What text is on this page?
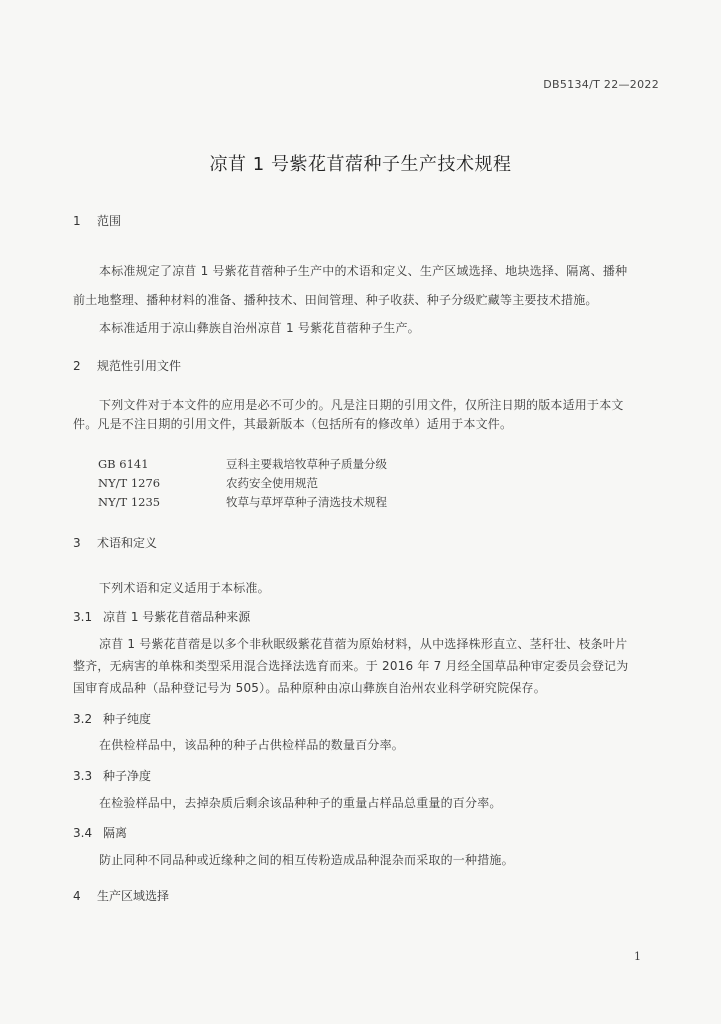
DB5134/T 22—2022
凉苜 1 号紫花苜蓿种子生产技术规程
1 范围
本标准规定了凉苜 1 号紫花苜蓿种子生产中的术语和定义、生产区域选择、地块选择、隔离、播种
前土地整理、播种材料的准备、播种技术、田间管理、种子收获、种子分级贮藏等主要技术措施。
本标准适用于凉山彝族自治州凉苜 1 号紫花苜蓿种子生产。
2 规范性引用文件
下列文件对于本文件的应用是必不可少的。凡是注日期的引用文件，仅所注日期的版本适用于本文
件。凡是不注日期的引用文件，其最新版本（包括所有的修改单）适用于本文件。
GB 6141	豆科主要栽培牧草种子质量分级
NY/T 1276	农药安全使用规范
NY/T 1235	牧草与草坪草种子清选技术规程
3 术语和定义
下列术语和定义适用于本标准。
3.1 凉苜 1 号紫花苜蓿品种来源
凉苜 1 号紫花苜蓿是以多个非秋眠级紫花苜蓿为原始材料，从中选择株形直立、茎秆壮、枝条叶片
整齐，无病害的单株和类型采用混合选择法选育而来。于 2016 年 7 月经全国草品种审定委员会登记为
国审育成品种（品种登记号为 505）。品种原种由凉山彝族自治州农业科学研究院保存。
3.2 种子纯度
在供检样品中，该品种的种子占供检样品的数量百分率。
3.3 种子净度
在检验样品中，去掉杂质后剩余该品种种子的重量占样品总重量的百分率。
3.4 隔离
防止同种不同品种或近缘种之间的相互传粉造成品种混杂而采取的一种措施。
4 生产区域选择
1
